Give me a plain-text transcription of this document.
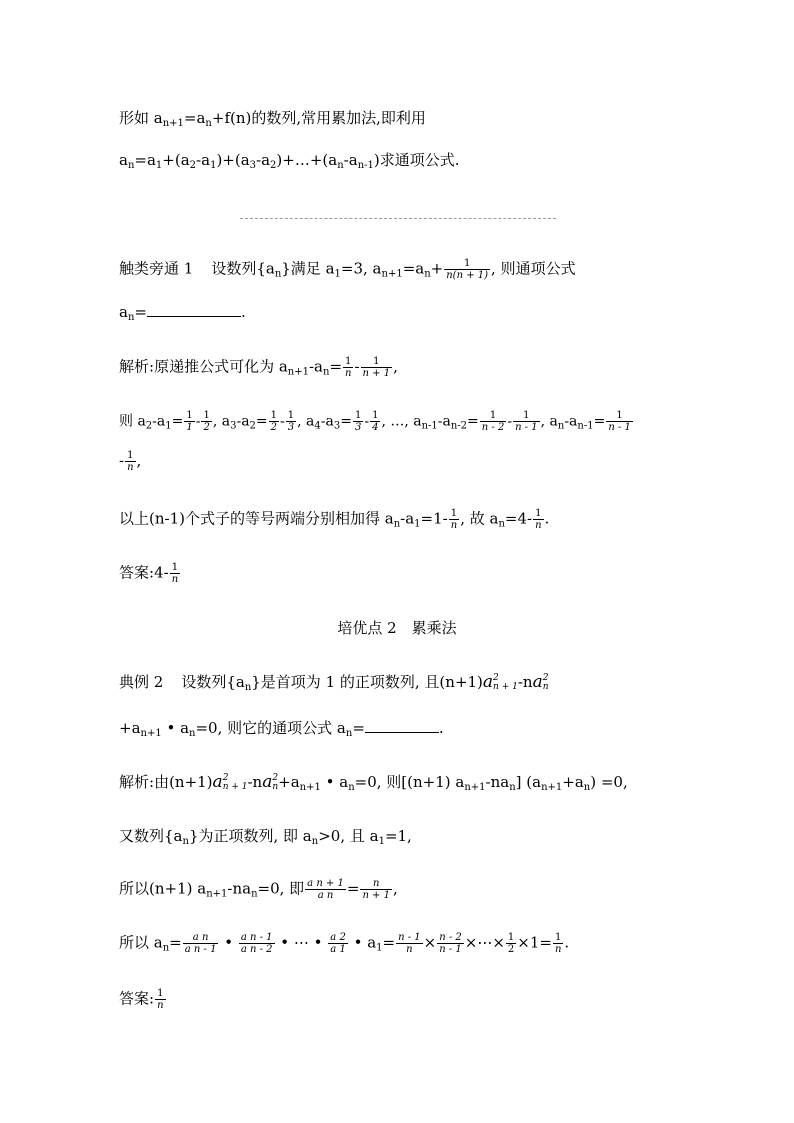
形如 $a_{n+1}=a_n+f(n)$的数列,常用累加法,即利用
$a_n=a_1+(a_2-a_1)+(a_3-a_2)+\dots+(a_n-a_{n-1})$求通项公式.
触类旁通 1 设数列$\{a_n\}$满足 $a_1=3$, $a_{n+1}=a_n+ \frac{1}{n(n + 1)}$ , 则通项公式
$a_n=$	.
解析:原递推公式可化为 $a_{n+1}-a_n= \frac{1}{n} - \frac{1}{n + 1}$ ,
则 $a_2-a_1= \frac{1}{1} - \frac{1}{2}$ , $a_3-a_2= \frac{1}{2} - \frac{1}{3}$ , $a_4-a_3= \frac{1}{3} - \frac{1}{4}$ , …, $a_{n-1}-a_{n-2}= \frac{1}{n - 2} - \frac{1}{n - 1}$ , $a_n-a_{n-1}= \frac{1}{n - 1}$
- $\frac{1}{n}$ ,
以上(n-1)个式子的等号两端分别相加得 $a_n-a_1=1- \frac{1}{n}$ , 故 $a_n=4- \frac{1}{n}$ .
答案:4- $\frac{1}{n}$
培优点 2　累乘法
典例 2 设数列$\{a_n\}$是首项为 1 的正项数列, 且(n+1)a 2
n + 1 -na 2
n
$+a_{n+1}$ • $a_n=0$, 则它的通项公式 $a_n=$	.
解析:由(n+1)a 2
n + 1 -na 2
$n +a_{n+1}$ • $a_n=0$, 则[(n+1) $a_{n+1}-na_n$] $(a_{n+1}+a_n) =0$,
又数列$\{a_n\}$为正项数列, 即 $a_n>0$, 且 $a_1=1$,
所以(n+1) $a_{n+1}-na_n=0$, 即 $\frac{\text{a n + 1}}{\text{a n}} = \frac{n}{n + 1}$ ,
所以 $a_n= \frac{\text{a n}}{\text{a n - 1}}$ • $\frac{\text{a n - 1}}{\text{a n - 2}}$ • ⋯ • $\frac{a 2}{a 1}$ • $a_1= \frac{n - 1}{n} \times \frac{n - 2}{n - 1}$ ×⋯× $\frac{1}{2} \times 1= \frac{1}{n}$ .
答案: $\frac{1}{n}$
